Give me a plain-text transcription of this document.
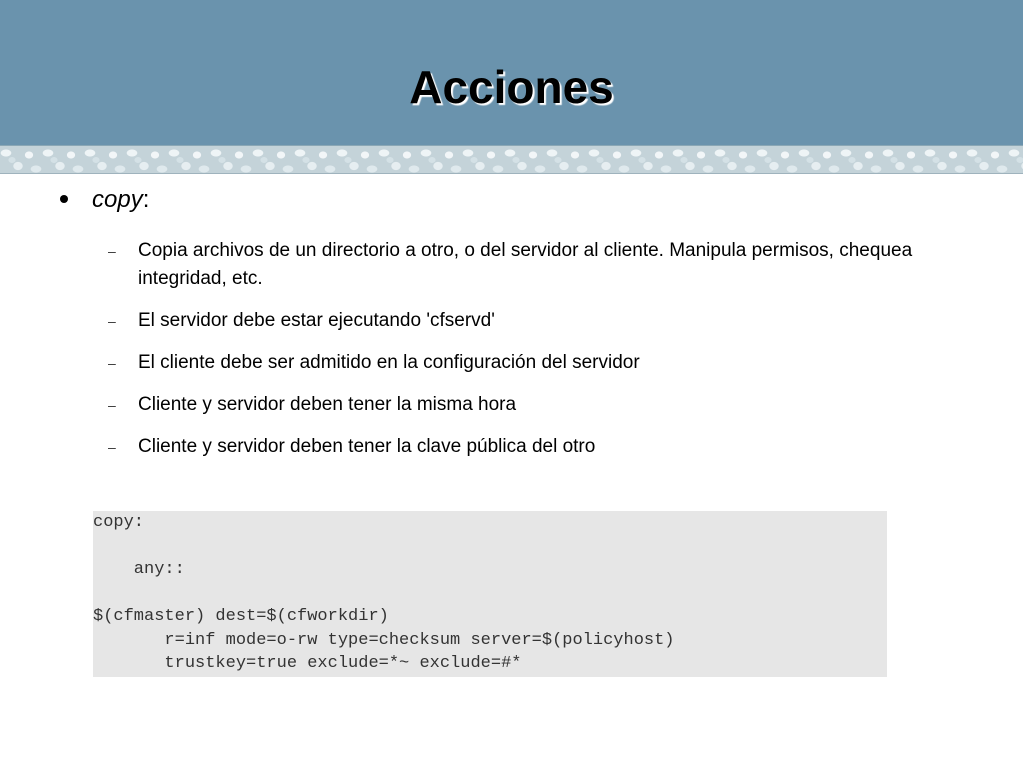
Acciones
copy:
– Copia archivos de un directorio a otro, o del servidor al cliente. Manipula permisos, chequea integridad, etc.
– El servidor debe estar ejecutando 'cfservd'
– El cliente debe ser admitido en la configuración del servidor
– Cliente y servidor deben tener la misma hora
– Cliente y servidor deben tener la clave pública del otro
copy:
any::
$(cfmaster) dest=$(cfworkdir)
r=inf mode=o-rw type=checksum server=$(policyhost)
trustkey=true exclude=*~ exclude=#*
